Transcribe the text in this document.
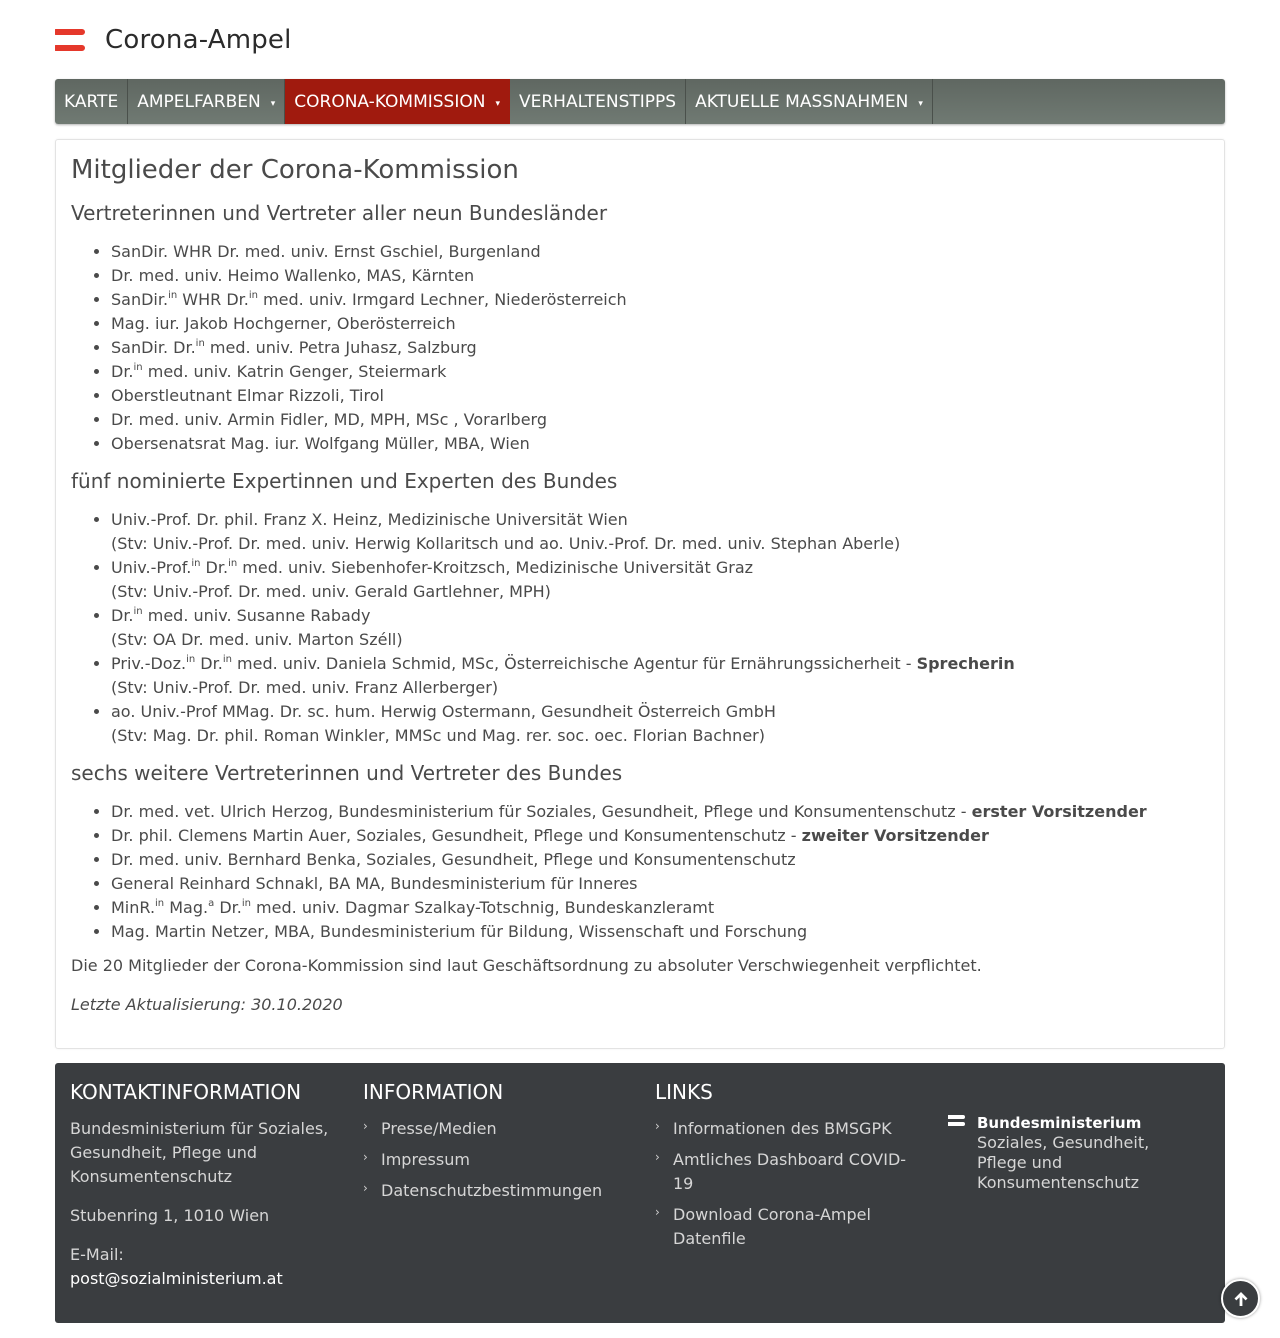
Corona-Ampel
KARTE AMPELFARBEN ▾ CORONA-KOMMISSION ▾ VERHALTENSTIPPS AKTUELLE MASSNAHMEN ▾
Mitglieder der Corona-Kommission
Vertreterinnen und Vertreter aller neun Bundesländer
• SanDir. WHR Dr. med. univ. Ernst Gschiel, Burgenland
• Dr. med. univ. Heimo Wallenko, MAS, Kärnten
• SanDir.$^{in}$ WHR Dr.$^{in}$ med. univ. Irmgard Lechner, Niederösterreich
• Mag. iur. Jakob Hochgerner, Oberösterreich
• SanDir. Dr.$^{in}$ med. univ. Petra Juhasz, Salzburg
• Dr.$^{in}$ med. univ. Katrin Genger, Steiermark
• Oberstleutnant Elmar Rizzoli, Tirol
• Dr. med. univ. Armin Fidler, MD, MPH, MSc , Vorarlberg
• Obersenatsrat Mag. iur. Wolfgang Müller, MBA, Wien
fünf nominierte Expertinnen und Experten des Bundes
• Univ.-Prof. Dr. phil. Franz X. Heinz, Medizinische Universität Wien
(Stv: Univ.-Prof. Dr. med. univ. Herwig Kollaritsch und ao. Univ.-Prof. Dr. med. univ. Stephan Aberle)
• Univ.-Prof.$^{in}$ Dr.$^{in}$ med. univ. Siebenhofer-Kroitzsch, Medizinische Universität Graz
(Stv: Univ.-Prof. Dr. med. univ. Gerald Gartlehner, MPH)
• Dr.$^{in}$ med. univ. Susanne Rabady
(Stv: OA Dr. med. univ. Marton Széll)
• Priv.-Doz.$^{in}$ Dr.$^{in}$ med. univ. Daniela Schmid, MSc, Österreichische Agentur für Ernährungssicherheit - Sprecherin
(Stv: Univ.-Prof. Dr. med. univ. Franz Allerberger)
• ao. Univ.-Prof MMag. Dr. sc. hum. Herwig Ostermann, Gesundheit Österreich GmbH
(Stv: Mag. Dr. phil. Roman Winkler, MMSc und Mag. rer. soc. oec. Florian Bachner)
sechs weitere Vertreterinnen und Vertreter des Bundes
• Dr. med. vet. Ulrich Herzog, Bundesministerium für Soziales, Gesundheit, Pflege und Konsumentenschutz - erster Vorsitzender
• Dr. phil. Clemens Martin Auer, Soziales, Gesundheit, Pflege und Konsumentenschutz - zweiter Vorsitzender
• Dr. med. univ. Bernhard Benka, Soziales, Gesundheit, Pflege und Konsumentenschutz
• General Reinhard Schnakl, BA MA, Bundesministerium für Inneres
• MinR.$^{in}$ Mag.$^a$ Dr.$^{in}$ med. univ. Dagmar Szalkay-Totschnig, Bundeskanzleramt
• Mag. Martin Netzer, MBA, Bundesministerium für Bildung, Wissenschaft und Forschung

Die 20 Mitglieder der Corona-Kommission sind laut Geschäftsordnung zu absoluter Verschwiegenheit verpflichtet.

Letzte Aktualisierung: 30.10.2020

KONTAKTINFORMATION

Bundesministerium für Soziales, Gesundheit, Pflege und Konsumentenschutz

Stubenring 1, 1010 Wien

E-Mail:
post@sozialministerium.at

INFORMATION
› Presse/Medien
› Impressum
› Datenschutzbestimmungen
LINKS
› Informationen des BMSGPK
› Amtliches Dashboard COVID-19
› Download Corona-Ampel Datenfile
Bundesministerium
Soziales, Gesundheit, Pflege und Konsumentenschutz
